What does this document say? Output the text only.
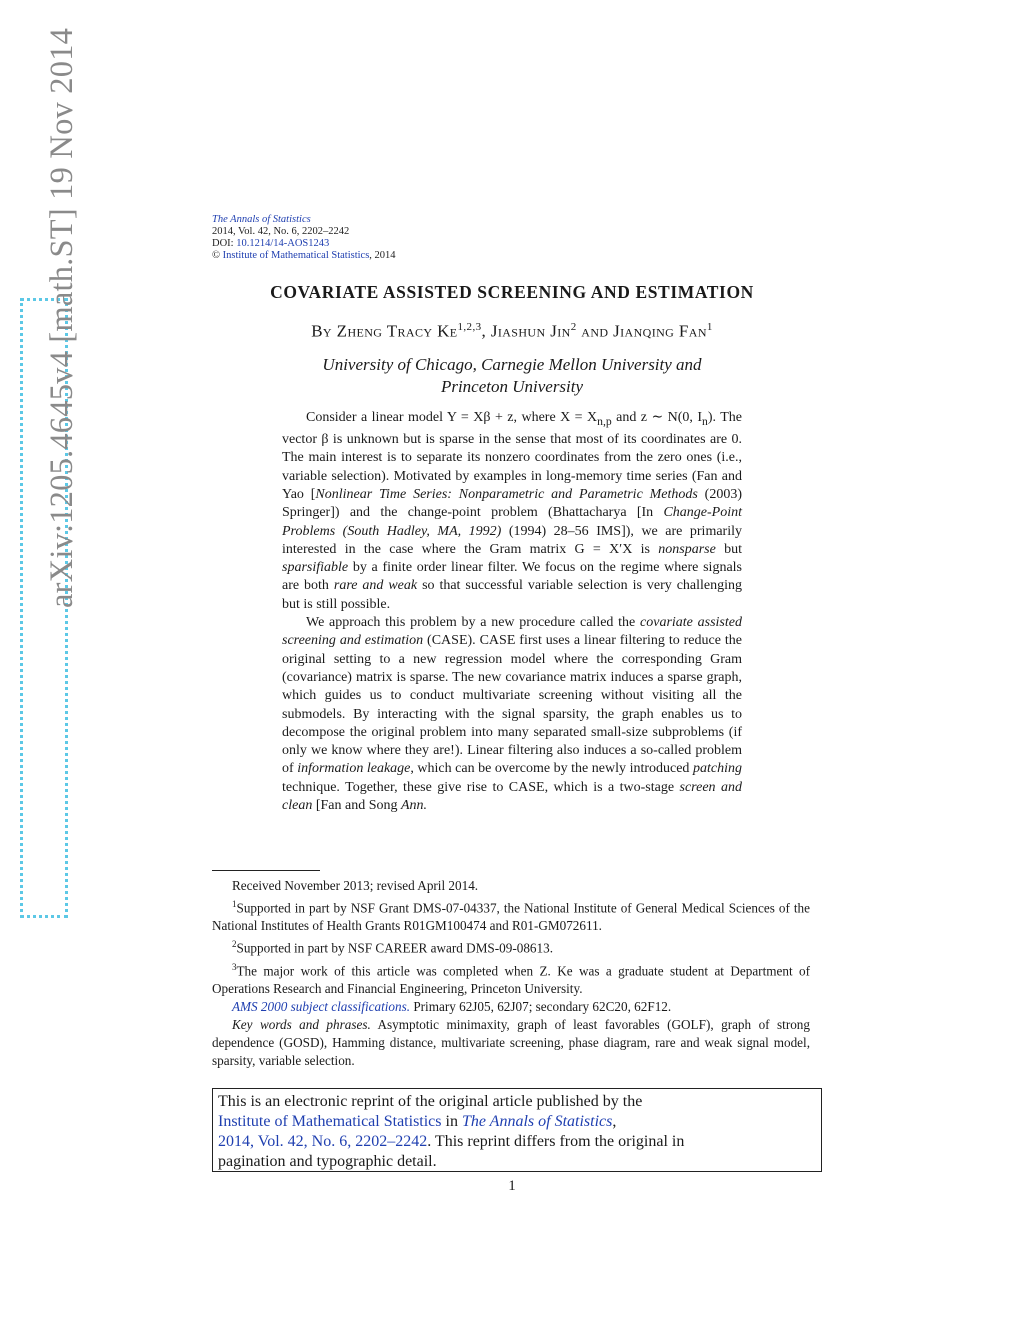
arXiv:1205.4645v4 [math.ST] 19 Nov 2014	The Annals of Statistics
2014, Vol. 42, No. 6, 2202–2242
DOI: 10.1214/14-AOS1243
© Institute of Mathematical Statistics, 2014
COVARIATE ASSISTED SCREENING AND ESTIMATION
By Zheng Tracy Ke$^{1,2,3}$, Jiashun Jin$^2$ and Jianqing Fan$^1$
University of Chicago, Carnegie Mellon University and
Princeton University

Consider a linear model Y = Xβ + z, where $X = X_{n,p}$ and z ∼ N(0, $I_n$). The vector β is unknown but is sparse in the sense that most of its coordinates are 0. The main interest is to separate its nonzero coordinates from the zero ones (i.e., variable selection). Motivated by examples in long-memory time series (Fan and Yao [Nonlinear Time Series: Nonparametric and Parametric Methods (2003) Springer]) and the change-point problem (Bhattacharya [In Change-Point Problems (South Hadley, MA, 1992) (1994) 28–56 IMS]), we are primarily interested in the case where the Gram matrix G = X′X is nonsparse but sparsifiable by a finite order linear filter. We focus on the regime where signals are both rare and weak so that successful variable selection is very challenging but is still possible.

We approach this problem by a new procedure called the covariate assisted screening and estimation (CASE). CASE first uses a linear filtering to reduce the original setting to a new regression model where the corresponding Gram (covariance) matrix is sparse. The new covariance matrix induces a sparse graph, which guides us to conduct multivariate screening without visiting all the submodels. By interacting with the signal sparsity, the graph enables us to decompose the original problem into many separated small-size subproblems (if only we know where they are!). Linear filtering also induces a so-called problem of information leakage, which can be overcome by the newly introduced patching technique. Together, these give rise to CASE, which is a two-stage screen and clean [Fan and Song Ann.

Received November 2013; revised April 2014.

$^1$Supported in part by NSF Grant DMS-07-04337, the National Institute of General Medical Sciences of the National Institutes of Health Grants R01GM100474 and R01-GM072611.

$^2$Supported in part by NSF CAREER award DMS-09-08613.

$^3$The major work of this article was completed when Z. Ke was a graduate student at Department of Operations Research and Financial Engineering, Princeton University.

AMS 2000 subject classifications. Primary 62J05, 62J07; secondary 62C20, 62F12.

Key words and phrases. Asymptotic minimaxity, graph of least favorables (GOLF), graph of strong dependence (GOSD), Hamming distance, multivariate screening, phase diagram, rare and weak signal model, sparsity, variable selection.

This is an electronic reprint of the original article published by the
Institute of Mathematical Statistics in The Annals of Statistics,
2014, Vol. 42, No. 6, 2202–2242. This reprint differs from the original in
pagination and typographic detail.
1
